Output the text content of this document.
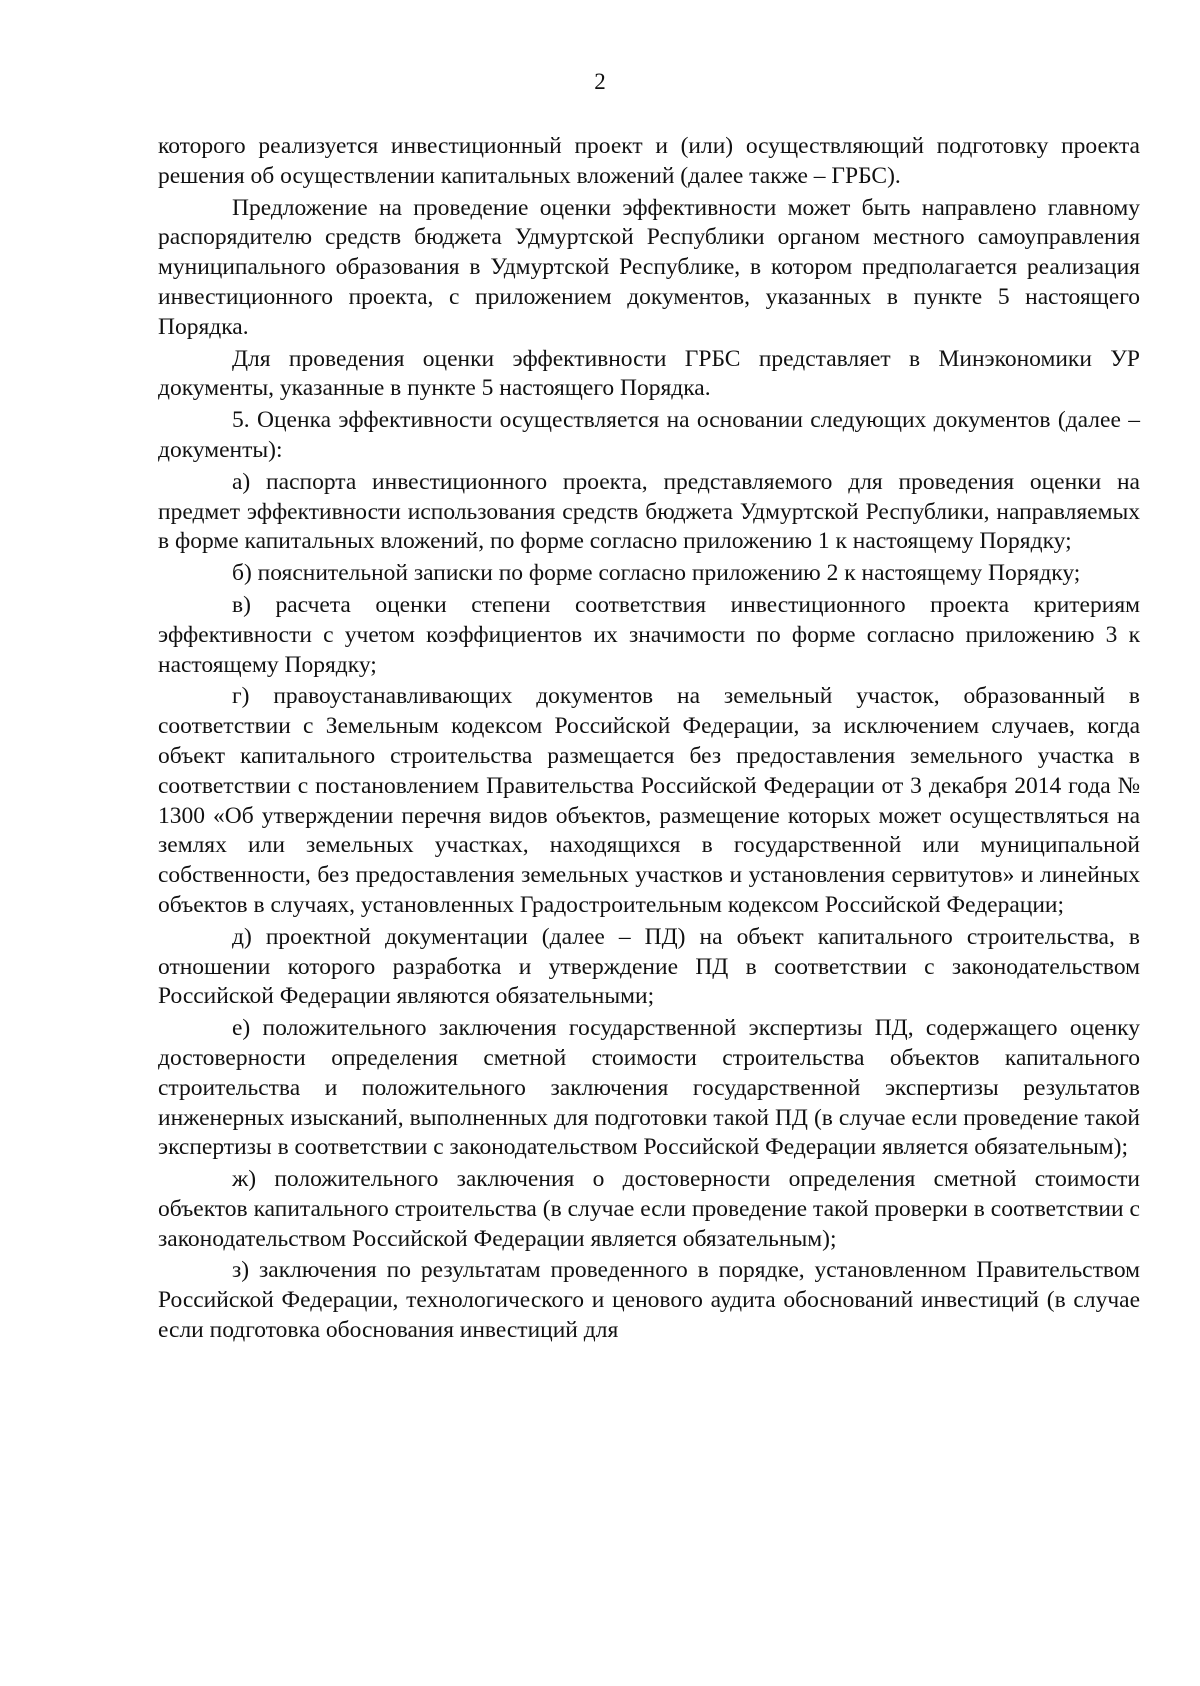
2

которого реализуется инвестиционный проект и (или) осуществляющий подготовку проекта решения об осуществлении капитальных вложений (далее также – ГРБС).

Предложение на проведение оценки эффективности может быть направлено главному распорядителю средств бюджета Удмуртской Республики органом местного самоуправления муниципального образования в Удмуртской Республике, в котором предполагается реализация инвестиционного проекта, с приложением документов, указанных в пункте 5 настоящего Порядка.

Для проведения оценки эффективности ГРБС представляет в Минэкономики УР документы, указанные в пункте 5 настоящего Порядка.

5. Оценка эффективности осуществляется на основании следующих документов (далее – документы):

а) паспорта инвестиционного проекта, представляемого для проведения оценки на предмет эффективности использования средств бюджета Удмуртской Республики, направляемых в форме капитальных вложений, по форме согласно приложению 1 к настоящему Порядку;

б) пояснительной записки по форме согласно приложению 2 к настоящему Порядку;

в) расчета оценки степени соответствия инвестиционного проекта критериям эффективности с учетом коэффициентов их значимости по форме согласно приложению 3 к настоящему Порядку;

г) правоустанавливающих документов на земельный участок, образованный в соответствии с Земельным кодексом Российской Федерации, за исключением случаев, когда объект капитального строительства размещается без предоставления земельного участка в соответствии с постановлением Правительства Российской Федерации от 3 декабря 2014 года № 1300 «Об утверждении перечня видов объектов, размещение которых может осуществляться на землях или земельных участках, находящихся в государственной или муниципальной собственности, без предоставления земельных участков и установления сервитутов» и линейных объектов в случаях, установленных Градостроительным кодексом Российской Федерации;

д) проектной документации (далее – ПД) на объект капитального строительства, в отношении которого разработка и утверждение ПД в соответствии с законодательством Российской Федерации являются обязательными;

е) положительного заключения государственной экспертизы ПД, содержащего оценку достоверности определения сметной стоимости строительства объектов капитального строительства и положительного заключения государственной экспертизы результатов инженерных изысканий, выполненных для подготовки такой ПД (в случае если проведение такой экспертизы в соответствии с законодательством Российской Федерации является обязательным);

ж) положительного заключения о достоверности определения сметной стоимости объектов капитального строительства (в случае если проведение такой проверки в соответствии с законодательством Российской Федерации является обязательным);

з) заключения по результатам проведенного в порядке, установленном Правительством Российской Федерации, технологического и ценового аудита обоснований инвестиций (в случае если подготовка обоснования инвестиций для
